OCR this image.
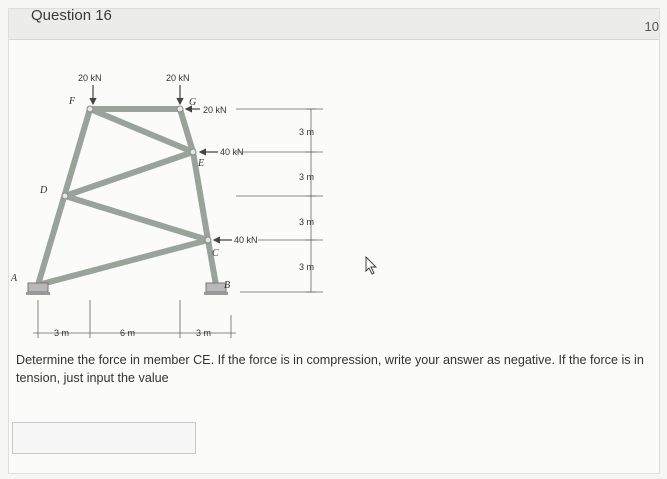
Question 16
10
20 kN	20 kN
20 kN
40 kN
40 kN
A
B
C
D
E
F	G
3 m
3 m
3 m
3 m
3 m	6 m	3 m
Determine the force in member CE. If the force is in compression, write your answer as negative. If the force is in tension, just input the value
